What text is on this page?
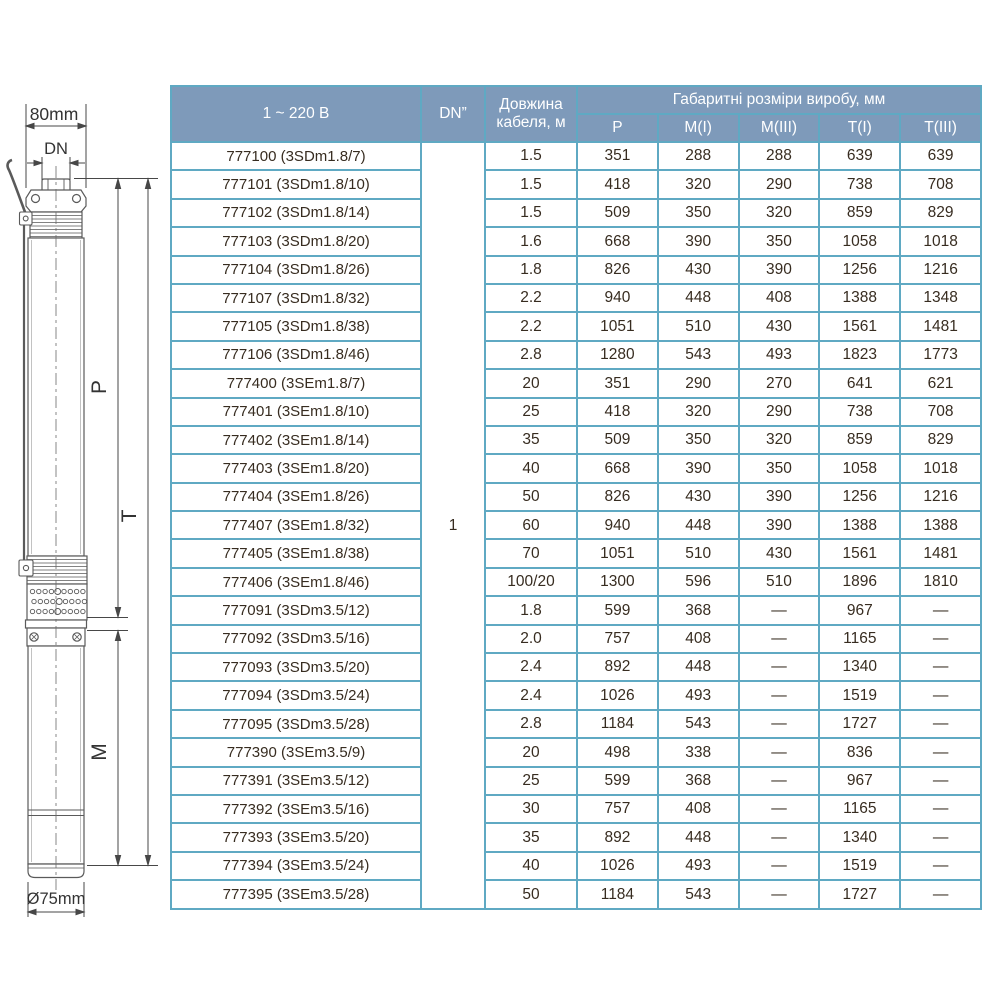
80mm
DN
P
T
M
Ø75mm
1 ~ 220 В	DN”	Довжина кабеля, м	Габаритні розміри виробу, мм				
			P	M(I)	M(III)	T(I)	T(III)
777100 (3SDm1.8/7)	1	1.5	351	288	288	639	639
777101 (3SDm1.8/10)		1.5	418	320	290	738	708
777102 (3SDm1.8/14)		1.5	509	350	320	859	829
777103 (3SDm1.8/20)		1.6	668	390	350	1058	1018
777104 (3SDm1.8/26)		1.8	826	430	390	1256	1216
777107 (3SDm1.8/32)		2.2	940	448	408	1388	1348
777105 (3SDm1.8/38)		2.2	1051	510	430	1561	1481
777106 (3SDm1.8/46)		2.8	1280	543	493	1823	1773
777400 (3SEm1.8/7)		20	351	290	270	641	621
777401 (3SEm1.8/10)		25	418	320	290	738	708
777402 (3SEm1.8/14)		35	509	350	320	859	829
777403 (3SEm1.8/20)		40	668	390	350	1058	1018
777404 (3SEm1.8/26)		50	826	430	390	1256	1216
777407 (3SEm1.8/32)		60	940	448	390	1388	1388
777405 (3SEm1.8/38)		70	1051	510	430	1561	1481
777406 (3SEm1.8/46)		100/20	1300	596	510	1896	1810
777091 (3SDm3.5/12)		1.8	599	368	—	967	—
777092 (3SDm3.5/16)		2.0	757	408	—	1165	—
777093 (3SDm3.5/20)		2.4	892	448	—	1340	—
777094 (3SDm3.5/24)		2.4	1026	493	—	1519	—
777095 (3SDm3.5/28)		2.8	1184	543	—	1727	—
777390 (3SEm3.5/9)		20	498	338	—	836	—
777391 (3SEm3.5/12)		25	599	368	—	967	—
777392 (3SEm3.5/16)		30	757	408	—	1165	—
777393 (3SEm3.5/20)		35	892	448	—	1340	—
777394 (3SEm3.5/24)		40	1026	493	—	1519	—
777395 (3SEm3.5/28)		50	1184	543	—	1727	—
